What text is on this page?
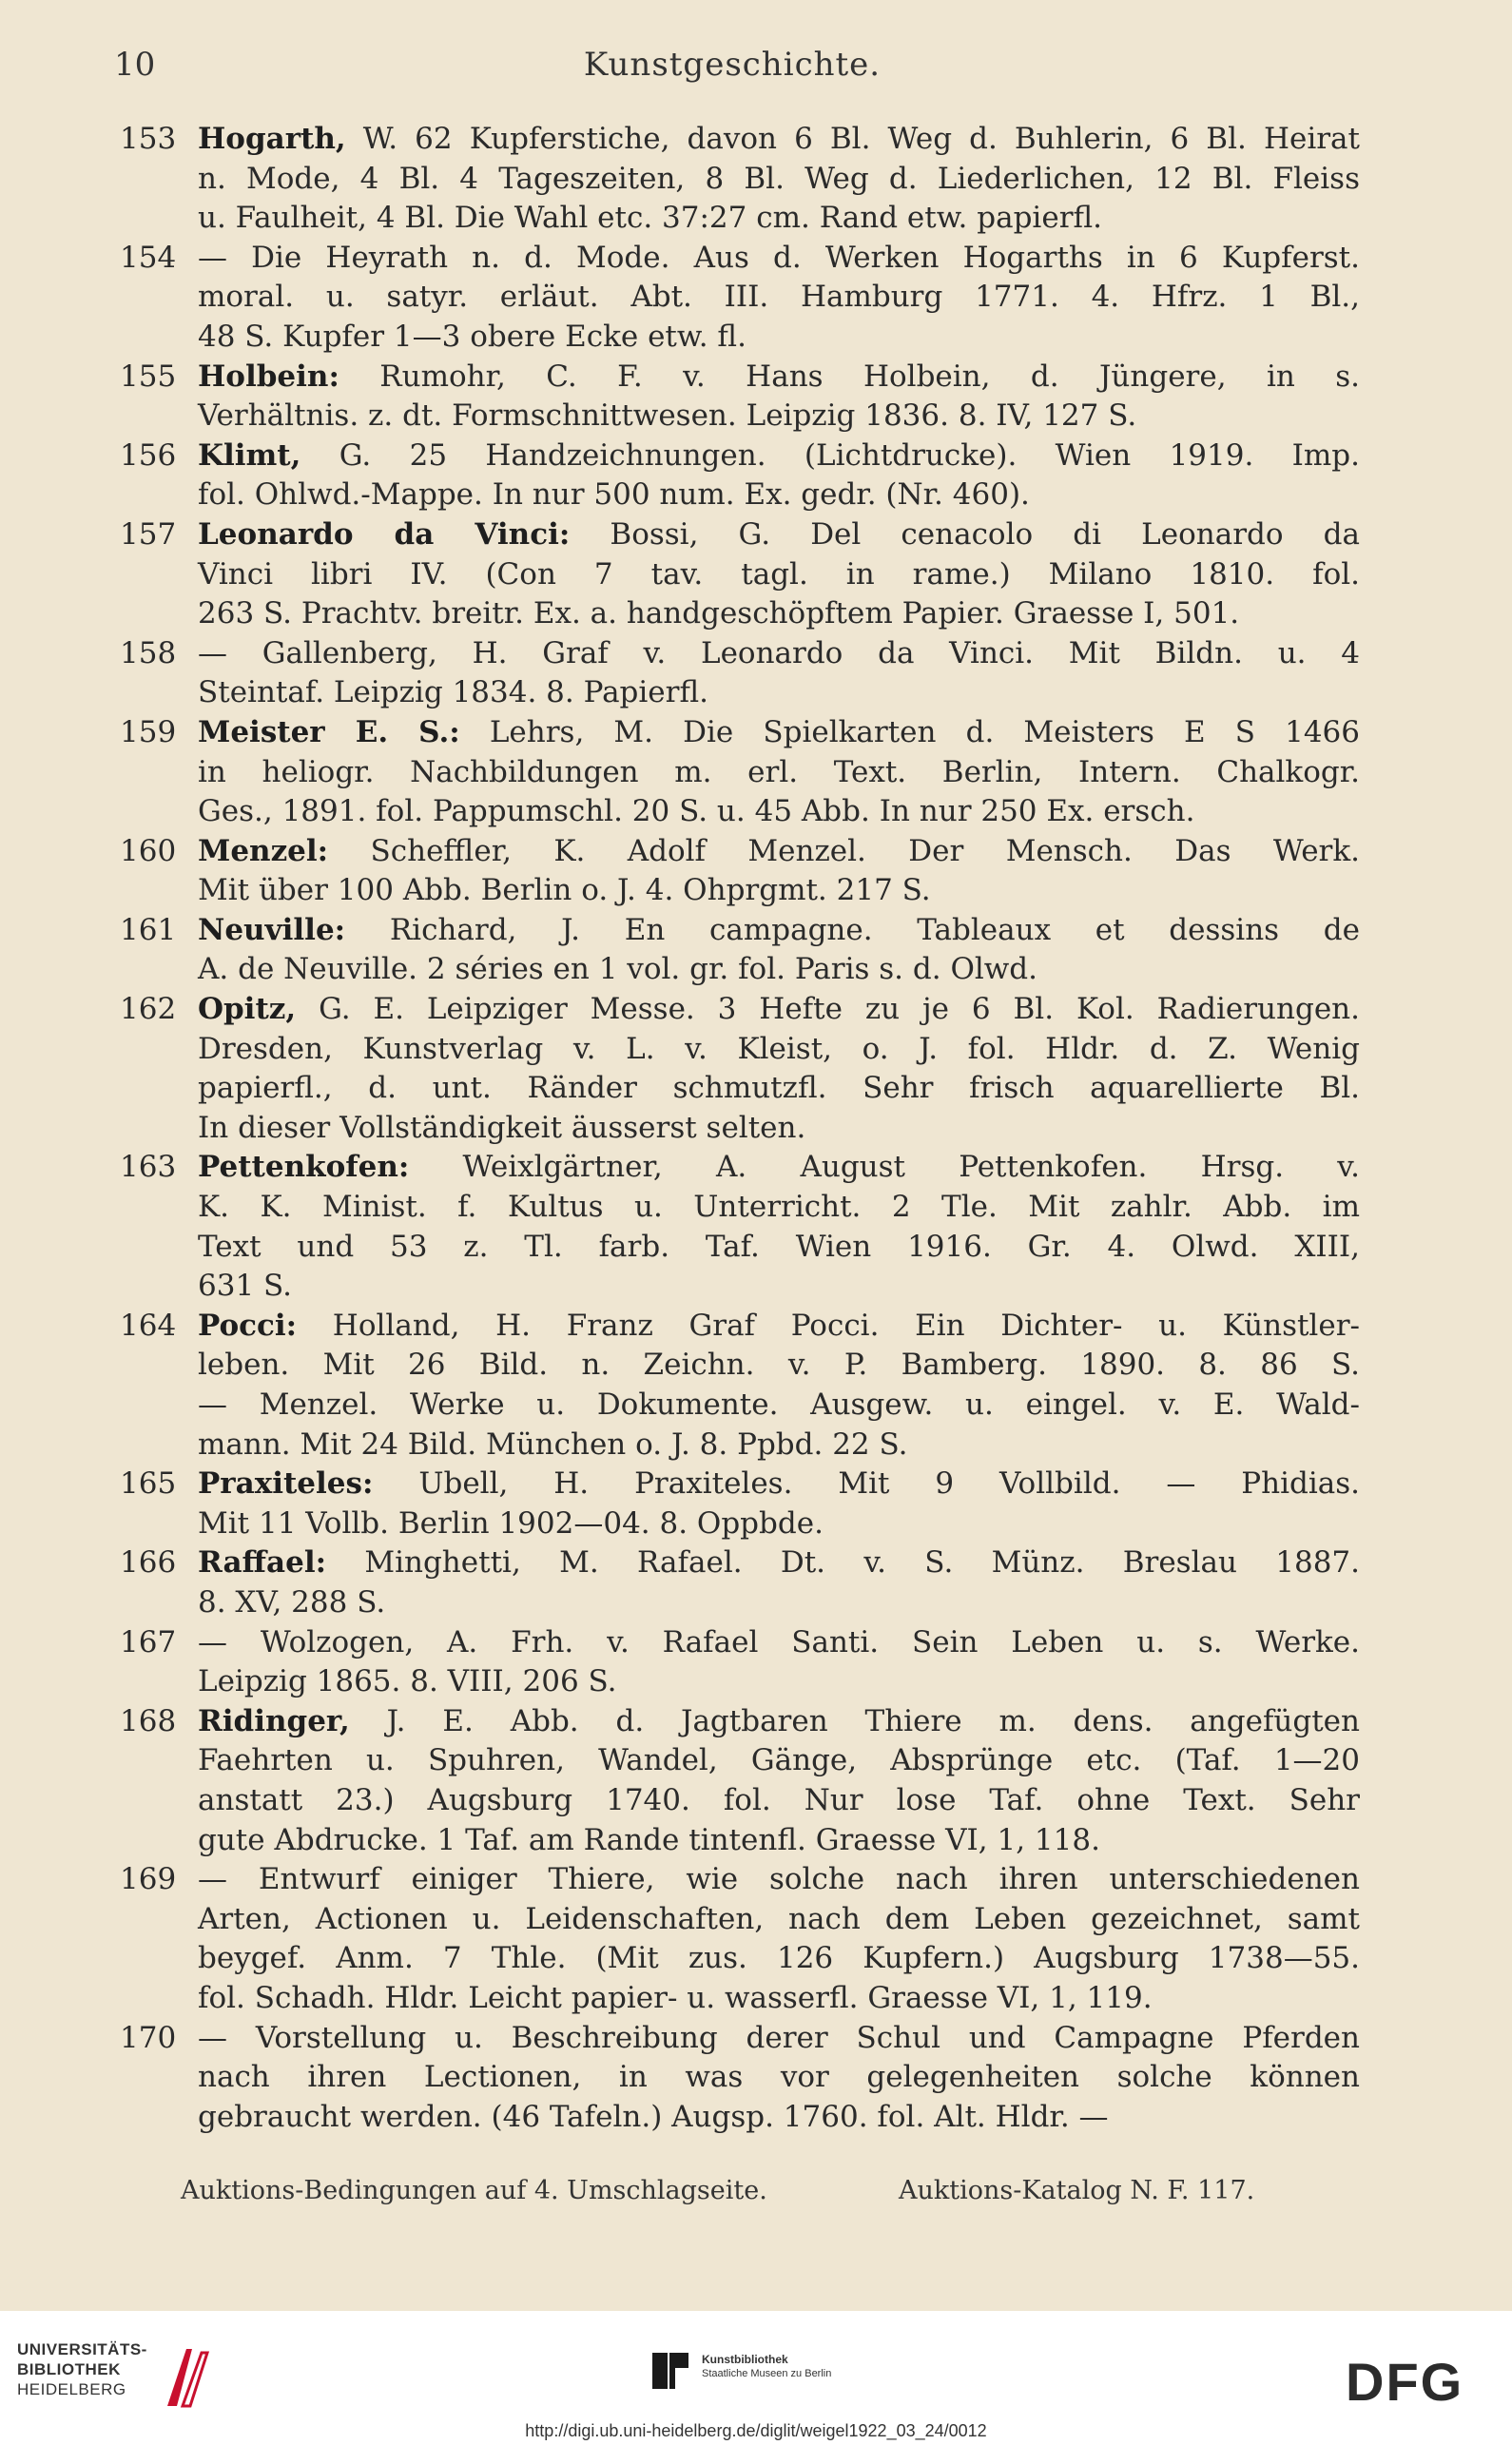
10	Kunstgeschichte.
153 Hogarth, W. 62 Kupferstiche, davon 6 Bl. Weg d. Buhlerin, 6 Bl. Heirat
n. Mode, 4 Bl. 4 Tageszeiten, 8 Bl. Weg d. Liederlichen, 12 Bl. Fleiss
u. Faulheit, 4 Bl. Die Wahl etc. 37:27 cm. Rand etw. papierfl.
154 — Die Heyrath n. d. Mode. Aus d. Werken Hogarths in 6 Kupferst.
moral. u. satyr. erläut. Abt. III. Hamburg 1771. 4. Hfrz. 1 Bl.,
48 S. Kupfer 1—3 obere Ecke etw. fl.
155 Holbein: Rumohr, C. F. v. Hans Holbein, d. Jüngere, in s.
Verhältnis. z. dt. Formschnittwesen. Leipzig 1836. 8. IV, 127 S.
156 Klimt, G. 25 Handzeichnungen. (Lichtdrucke). Wien 1919. Imp.
fol. Ohlwd.-Mappe. In nur 500 num. Ex. gedr. (Nr. 460).
157 Leonardo da Vinci: Bossi, G. Del cenacolo di Leonardo da
Vinci libri IV. (Con 7 tav. tagl. in rame.) Milano 1810. fol.
263 S. Prachtv. breitr. Ex. a. handgeschöpftem Papier. Graesse I, 501.
158 — Gallenberg, H. Graf v. Leonardo da Vinci. Mit Bildn. u. 4
Steintaf. Leipzig 1834. 8. Papierfl.
159 Meister E. S.: Lehrs, M. Die Spielkarten d. Meisters E S 1466
in heliogr. Nachbildungen m. erl. Text. Berlin, Intern. Chalkogr.
Ges., 1891. fol. Pappumschl. 20 S. u. 45 Abb. In nur 250 Ex. ersch.
160 Menzel: Scheffler, K. Adolf Menzel. Der Mensch. Das Werk.
Mit über 100 Abb. Berlin o. J. 4. Ohprgmt. 217 S.
161 Neuville: Richard, J. En campagne. Tableaux et dessins de
A. de Neuville. 2 séries en 1 vol. gr. fol. Paris s. d. Olwd.
162 Opitz, G. E. Leipziger Messe. 3 Hefte zu je 6 Bl. Kol. Radierungen.
Dresden, Kunstverlag v. L. v. Kleist, o. J. fol. Hldr. d. Z. Wenig
papierfl., d. unt. Ränder schmutzfl. Sehr frisch aquarellierte Bl.
In dieser Vollständigkeit äusserst selten.
163 Pettenkofen: Weixlgärtner, A. August Pettenkofen. Hrsg. v.
K. K. Minist. f. Kultus u. Unterricht. 2 Tle. Mit zahlr. Abb. im
Text und 53 z. Tl. farb. Taf. Wien 1916. Gr. 4. Olwd. XIII,
631 S.
164 Pocci: Holland, H. Franz Graf Pocci. Ein Dichter- u. Künstler-
leben. Mit 26 Bild. n. Zeichn. v. P. Bamberg. 1890. 8. 86 S.
— Menzel. Werke u. Dokumente. Ausgew. u. eingel. v. E. Wald-
mann. Mit 24 Bild. München o. J. 8. Ppbd. 22 S.
165 Praxiteles: Ubell, H. Praxiteles. Mit 9 Vollbild. — Phidias.
Mit 11 Vollb. Berlin 1902—04. 8. Oppbde.
166 Raffael: Minghetti, M. Rafael. Dt. v. S. Münz. Breslau 1887.
8. XV, 288 S.
167 — Wolzogen, A. Frh. v. Rafael Santi. Sein Leben u. s. Werke.
Leipzig 1865. 8. VIII, 206 S.
168 Ridinger, J. E. Abb. d. Jagtbaren Thiere m. dens. angefügten
Faehrten u. Spuhren, Wandel, Gänge, Absprünge etc. (Taf. 1—20
anstatt 23.) Augsburg 1740. fol. Nur lose Taf. ohne Text. Sehr
gute Abdrucke. 1 Taf. am Rande tintenfl. Graesse VI, 1, 118.
169 — Entwurf einiger Thiere, wie solche nach ihren unterschiedenen
Arten, Actionen u. Leidenschaften, nach dem Leben gezeichnet, samt
beygef. Anm. 7 Thle. (Mit zus. 126 Kupfern.) Augsburg 1738—55.
fol. Schadh. Hldr. Leicht papier- u. wasserfl. Graesse VI, 1, 119.
170 — Vorstellung u. Beschreibung derer Schul und Campagne Pferden
nach ihren Lectionen, in was vor gelegenheiten solche können
gebraucht werden. (46 Tafeln.) Augsp. 1760. fol. Alt. Hldr. —
Auktions-Bedingungen auf 4. Umschlagseite.	Auktions-Katalog N. F. 117.
UNIVERSITÄTS-
BIBLIOTHEK
HEIDELBERG
Kunstbibliothek
Staatliche Museen zu Berlin	DFG
http://digi.ub.uni-heidelberg.de/diglit/weigel1922_03_24/0012
